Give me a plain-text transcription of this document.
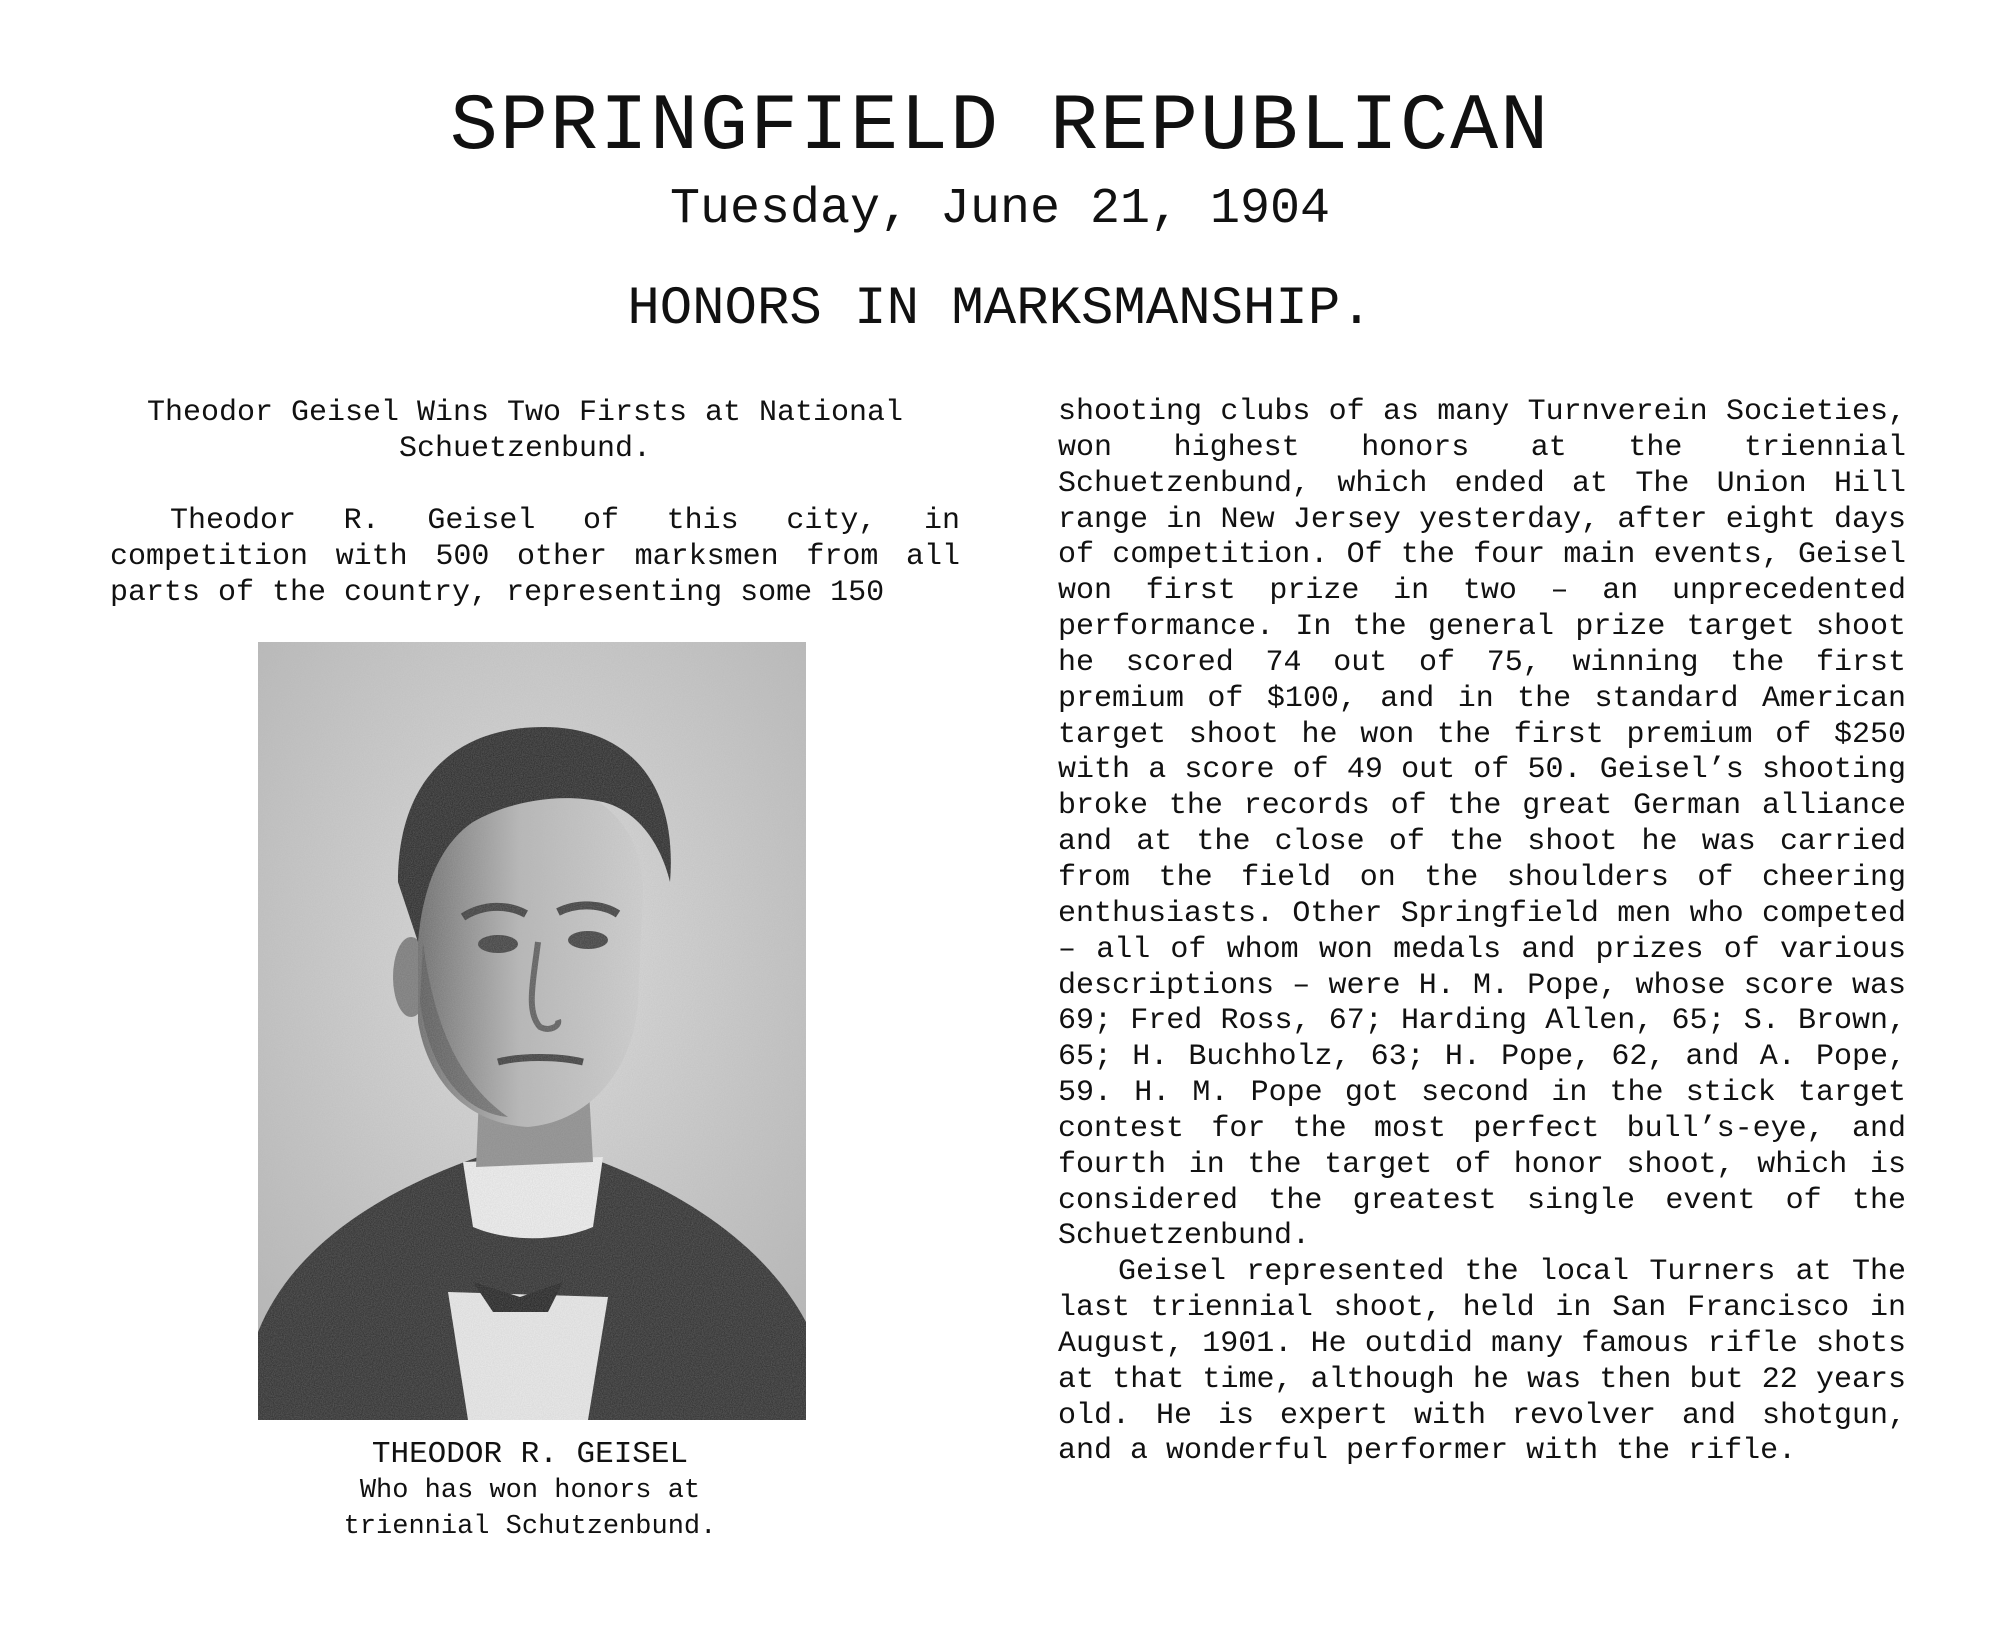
SPRINGFIELD REPUBLICAN
Tuesday, June 21, 1904
HONORS IN MARKSMANSHIP.
Theodor Geisel Wins Two Firsts at National Schuetzenbund.
Theodor R. Geisel of this city, in competition with 500 other marksmen from all parts of the country, representing some 150
THEODOR R. GEISEL
Who has won honors at
triennial Schutzenbund.

shooting clubs of as many Turnverein Societies, won highest honors at the triennial Schuetzenbund, which ended at The Union Hill range in New Jersey yesterday, after eight days of competition. Of the four main events, Geisel won first prize in two – an unprecedented performance. In the general prize target shoot he scored 74 out of 75, winning the first premium of $100, and in the standard American target shoot he won the first premium of $250 with a score of 49 out of 50. Geisel’s shooting broke the records of the great German alliance and at the close of the shoot he was carried from the field on the shoulders of cheering enthusiasts. Other Springfield men who competed – all of whom won medals and prizes of various descriptions – were H. M. Pope, whose score was 69; Fred Ross, 67; Harding Allen, 65; S. Brown, 65; H. Buchholz, 63; H. Pope, 62, and A. Pope, 59. H. M. Pope got second in the stick target contest for the most perfect bull’s-eye, and fourth in the target of honor shoot, which is considered the greatest single event of the Schuetzenbund.

Geisel represented the local Turners at The last triennial shoot, held in San Francisco in August, 1901. He outdid many famous rifle shots at that time, although he was then but 22 years old. He is expert with revolver and shotgun, and a wonderful performer with the rifle.
